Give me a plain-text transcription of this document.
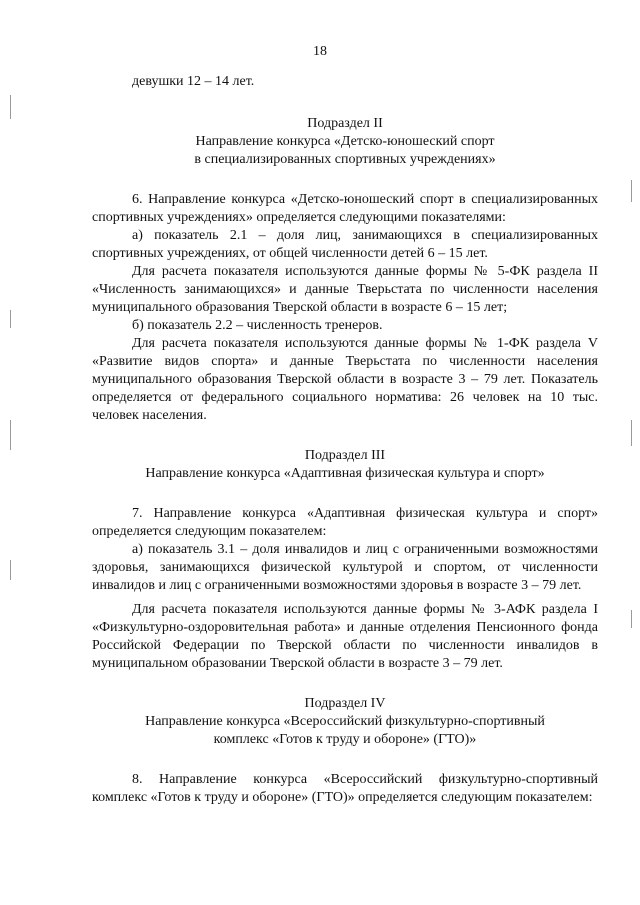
18

девушки 12 – 14 лет.

Подраздел II
Направление конкурса «Детско-юношеский спорт
в специализированных спортивных учреждениях»

6. Направление конкурса «Детско-юношеский спорт в специализированных спортивных учреждениях» определяется следующими показателями:

а) показатель 2.1 – доля лиц, занимающихся в специализированных спортивных учреждениях, от общей численности детей 6 – 15 лет.

Для расчета показателя используются данные формы № 5-ФК раздела II «Численность занимающихся» и данные Тверьстата по численности населения муниципального образования Тверской области в возрасте 6 – 15 лет;

б) показатель 2.2 – численность тренеров.

Для расчета показателя используются данные формы № 1-ФК раздела V «Развитие видов спорта» и данные Тверьстата по численности населения муниципального образования Тверской области в возрасте 3 – 79 лет. Показатель определяется от федерального социального норматива: 26 человек на 10 тыс. человек населения.

Подраздел III
Направление конкурса «Адаптивная физическая культура и спорт»

7. Направление конкурса «Адаптивная физическая культура и спорт» определяется следующим показателем:

а) показатель 3.1 – доля инвалидов и лиц с ограниченными возможностями здоровья, занимающихся физической культурой и спортом, от численности инвалидов и лиц с ограниченными возможностями здоровья в возрасте 3 – 79 лет.

Для расчета показателя используются данные формы № 3-АФК раздела I «Физкультурно-оздоровительная работа» и данные отделения Пенсионного фонда Российской Федерации по Тверской области по численности инвалидов в муниципальном образовании Тверской области в возрасте 3 – 79 лет.

Подраздел IV
Направление конкурса «Всероссийский физкультурно-спортивный
комплекс «Готов к труду и обороне» (ГТО)»

8. Направление конкурса «Всероссийский физкультурно-спортивный комплекс «Готов к труду и обороне» (ГТО)» определяется следующим показателем:
